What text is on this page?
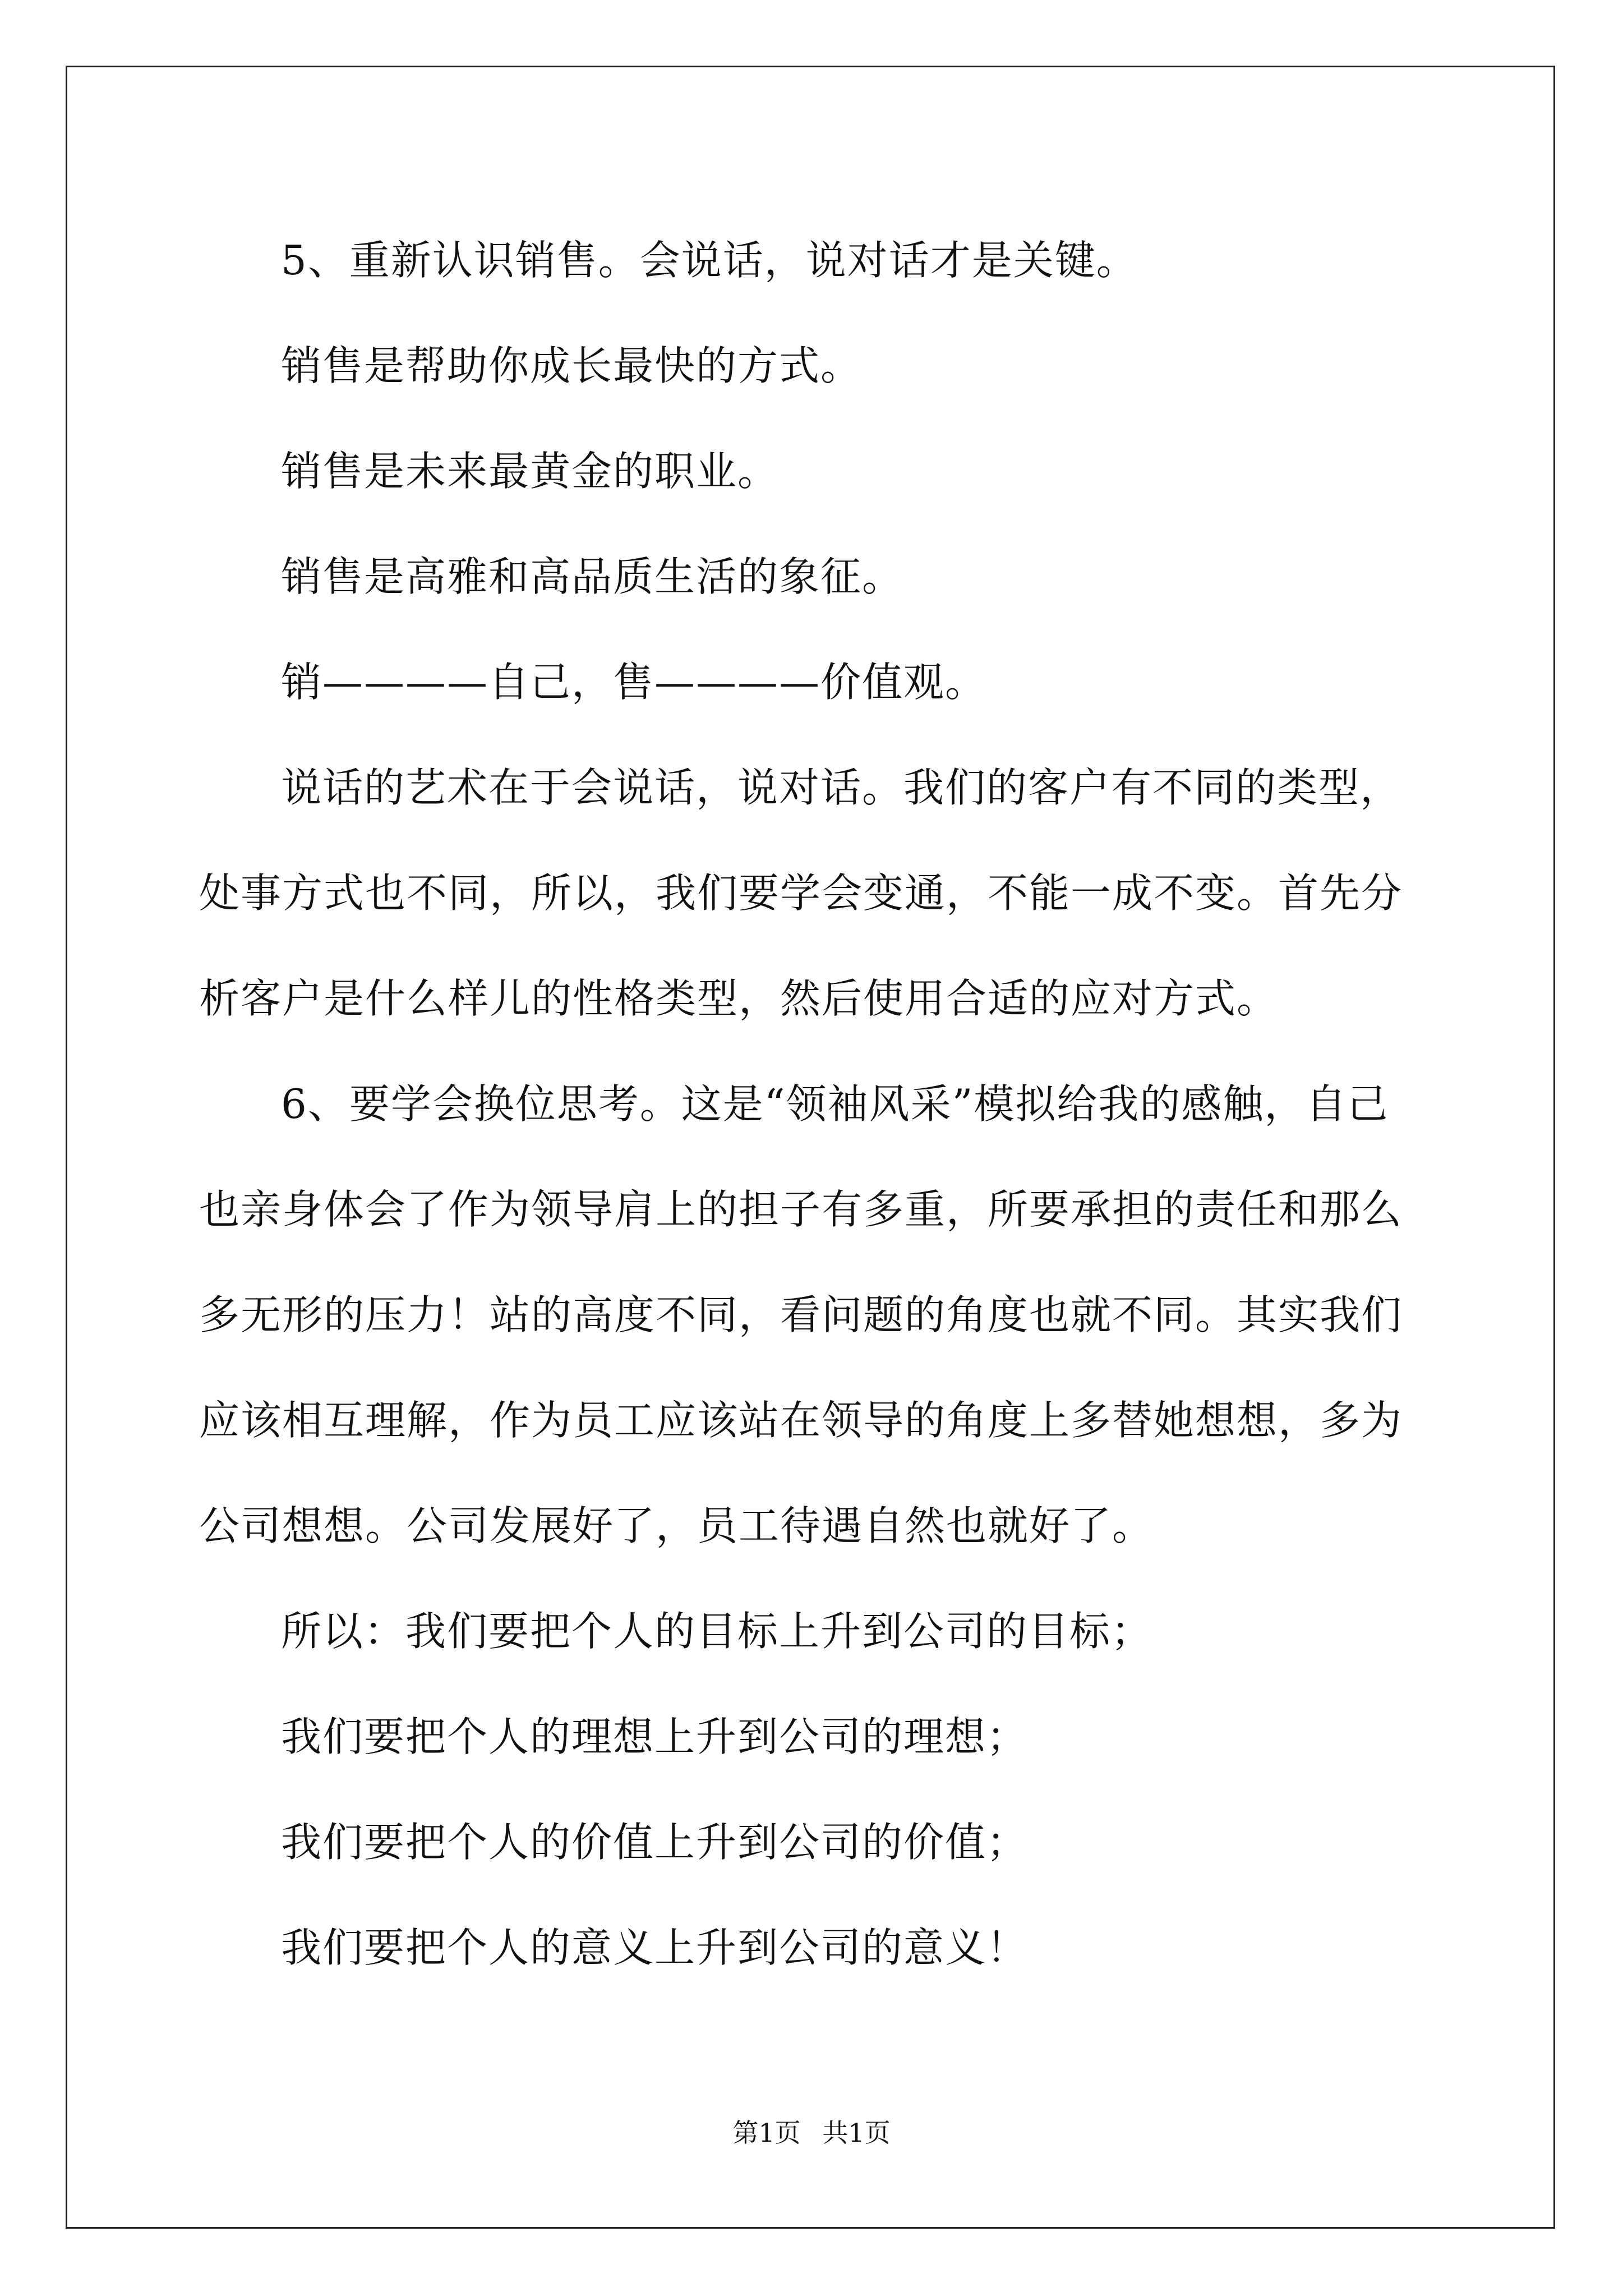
5、重新认识销售。会说话，说对话才是关键。

销售是帮助你成长最快的方式。

销售是未来最黄金的职业。

销售是高雅和高品质生活的象征。

销————自己，售————价值观。

说话的艺术在于会说话，说对话。我们的客户有不同的类型，处事方式也不同，所以，我们要学会变通，不能一成不变。首先分析客户是什么样儿的性格类型，然后使用合适的应对方式。

6、要学会换位思考。这是“领袖风采”模拟给我的感触，自己也亲身体会了作为领导肩上的担子有多重，所要承担的责任和那么多无形的压力！站的高度不同，看问题的角度也就不同。其实我们应该相互理解，作为员工应该站在领导的角度上多替她想想，多为公司想想。公司发展好了，员工待遇自然也就好了。

所以：我们要把个人的目标上升到公司的目标；

我们要把个人的理想上升到公司的理想；

我们要把个人的价值上升到公司的价值；

我们要把个人的意义上升到公司的意义！

第1页 共1页
